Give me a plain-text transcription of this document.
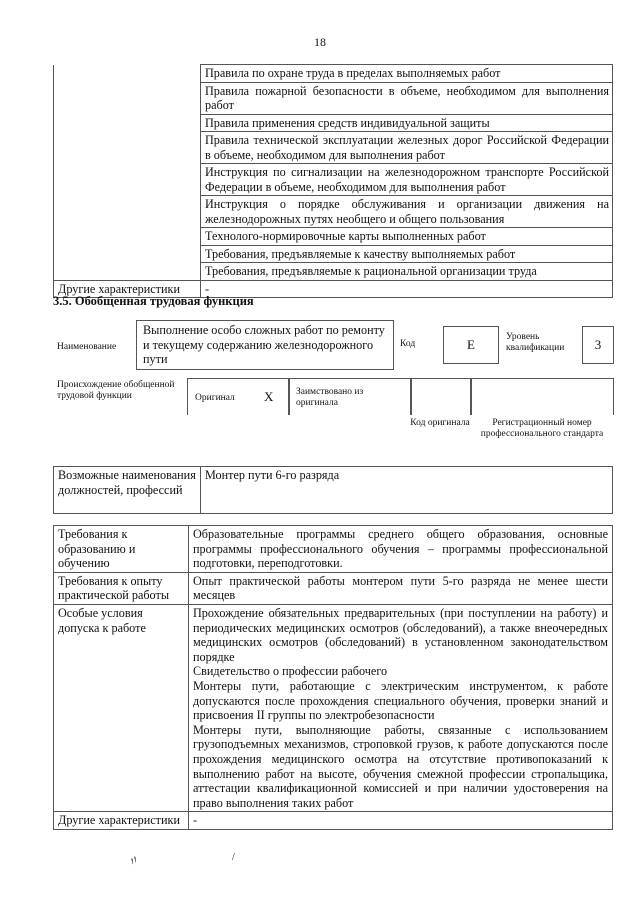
18
	Правила по охране труда в пределах выполняемых работ
	Правила пожарной безопасности в объеме, необходимом для выполнения работ
	Правила применения средств индивидуальной защиты
	Правила технической эксплуатации железных дорог Российской Федерации в объеме, необходимом для выполнения работ
	Инструкция по сигнализации на железнодорожном транспорте Российской Федерации в объеме, необходимом для выполнения работ
	Инструкция о порядке обслуживания и организации движения на железнодорожных путях необщего и общего пользования
	Технолого-нормировочные карты выполненных работ
	Требования, предъявляемые к качеству выполняемых работ
	Требования, предъявляемые к рациональной организации труда
Другие характеристики	-
3.5. Обобщенная трудовая функция
Наименование
Выполнение особо сложных работ по ремонту и текущему содержанию железнодорожного пути
Код	Е	Уровень квалификации	3
Происхождение обобщенной трудовой функции	Оригинал X Заимствовано из оригинала
Код оригинала	Регистрационный номер профессионального стандарта
Возможные наименования должностей, профессий	Монтер пути 6-го разряда
Требования к образованию и обучению	Образовательные программы среднего общего образования, основные программы профессионального обучения – программы профессиональной подготовки, переподготовки.
Требования к опыту практической работы	Опыт практической работы монтером пути 5-го разряда не менее шести месяцев
Особые условия допуска к работе	Прохождение обязательных предварительных (при поступлении на работу) и периодических медицинских осмотров (обследований), а также внеочередных медицинских осмотров (обследований) в установленном законодательством порядке
Свидетельство о профессии рабочего
Монтеры пути, работающие с электрическим инструментом, к работе допускаются после прохождения специального обучения, проверки знаний и присвоения II группы по электробезопасности
Монтеры пути, выполняющие работы, связанные с использованием грузоподъемных механизмов, строповкой грузов, к работе допускаются после прохождения медицинского осмотра на отсутствие противопоказаний к выполнению работ на высоте, обучения смежной профессии стропальщика, аттестации квалификационной комиссией и при наличии удостоверения на право выполнения таких работ

Другие характеристики	-
〃	/
